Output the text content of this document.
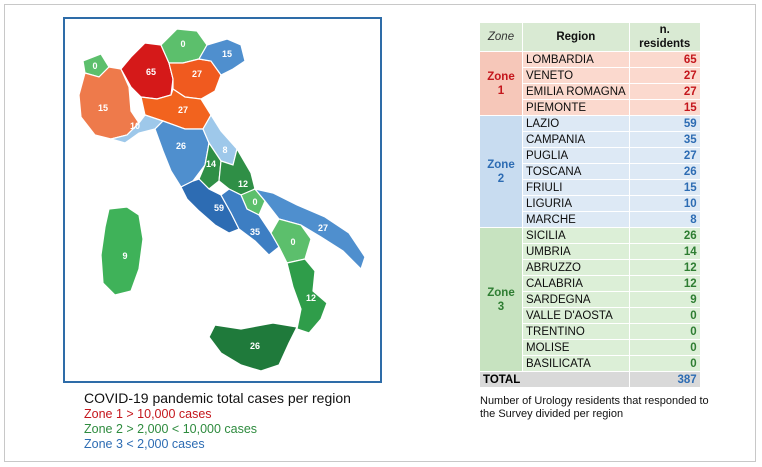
0
15
65
0
27
15
27
10
26	8
14
59
12
0
35	27
0
12
26
9
COVID-19 pandemic total cases per region
Zone 1 > 10,000 cases
Zone 2 > 2,000 < 10,000 cases
Zone 3 < 2,000 cases
Zone	Region	n. residents
Zone 1	LOMBARDIA	65
	VENETO	27
	EMILIA ROMAGNA	27
	PIEMONTE	15
Zone 2	LAZIO	59
	CAMPANIA	35
	PUGLIA	27
	TOSCANA	26
	FRIULI	15
	LIGURIA	10
	MARCHE	8
Zone 3	SICILIA	26
	UMBRIA	14
	ABRUZZO	12
	CALABRIA	12
	SARDEGNA	9
	VALLE D'AOSTA	0
	TRENTINO	0
	MOLISE	0
	BASILICATA	0
TOTAL		387
Number of Urology residents that responded to the Survey divided per region
